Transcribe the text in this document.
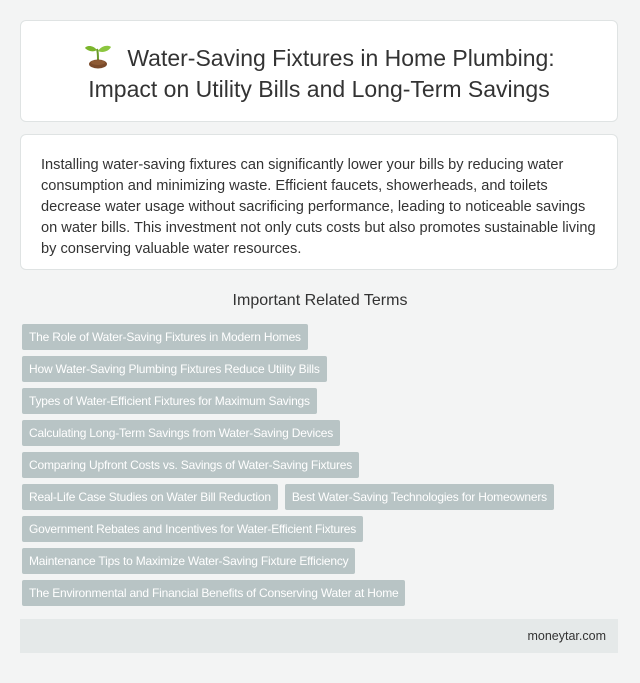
Water-Saving Fixtures in Home Plumbing:
Impact on Utility Bills and Long-Term Savings

Installing water-saving fixtures can significantly lower your bills by reducing water consumption and minimizing waste. Efficient faucets, showerheads, and toilets decrease water usage without sacrificing performance, leading to noticeable savings on water bills. This investment not only cuts costs but also promotes sustainable living by conserving valuable water resources.

Important Related Terms
The Role of Water-Saving Fixtures in Modern Homes
How Water-Saving Plumbing Fixtures Reduce Utility Bills
Types of Water-Efficient Fixtures for Maximum Savings
Calculating Long-Term Savings from Water-Saving Devices
Comparing Upfront Costs vs. Savings of Water-Saving Fixtures
Real-Life Case Studies on Water Bill Reduction	Best Water-Saving Technologies for Homeowners
Government Rebates and Incentives for Water-Efficient Fixtures
Maintenance Tips to Maximize Water-Saving Fixture Efficiency
The Environmental and Financial Benefits of Conserving Water at Home
moneytar.com
